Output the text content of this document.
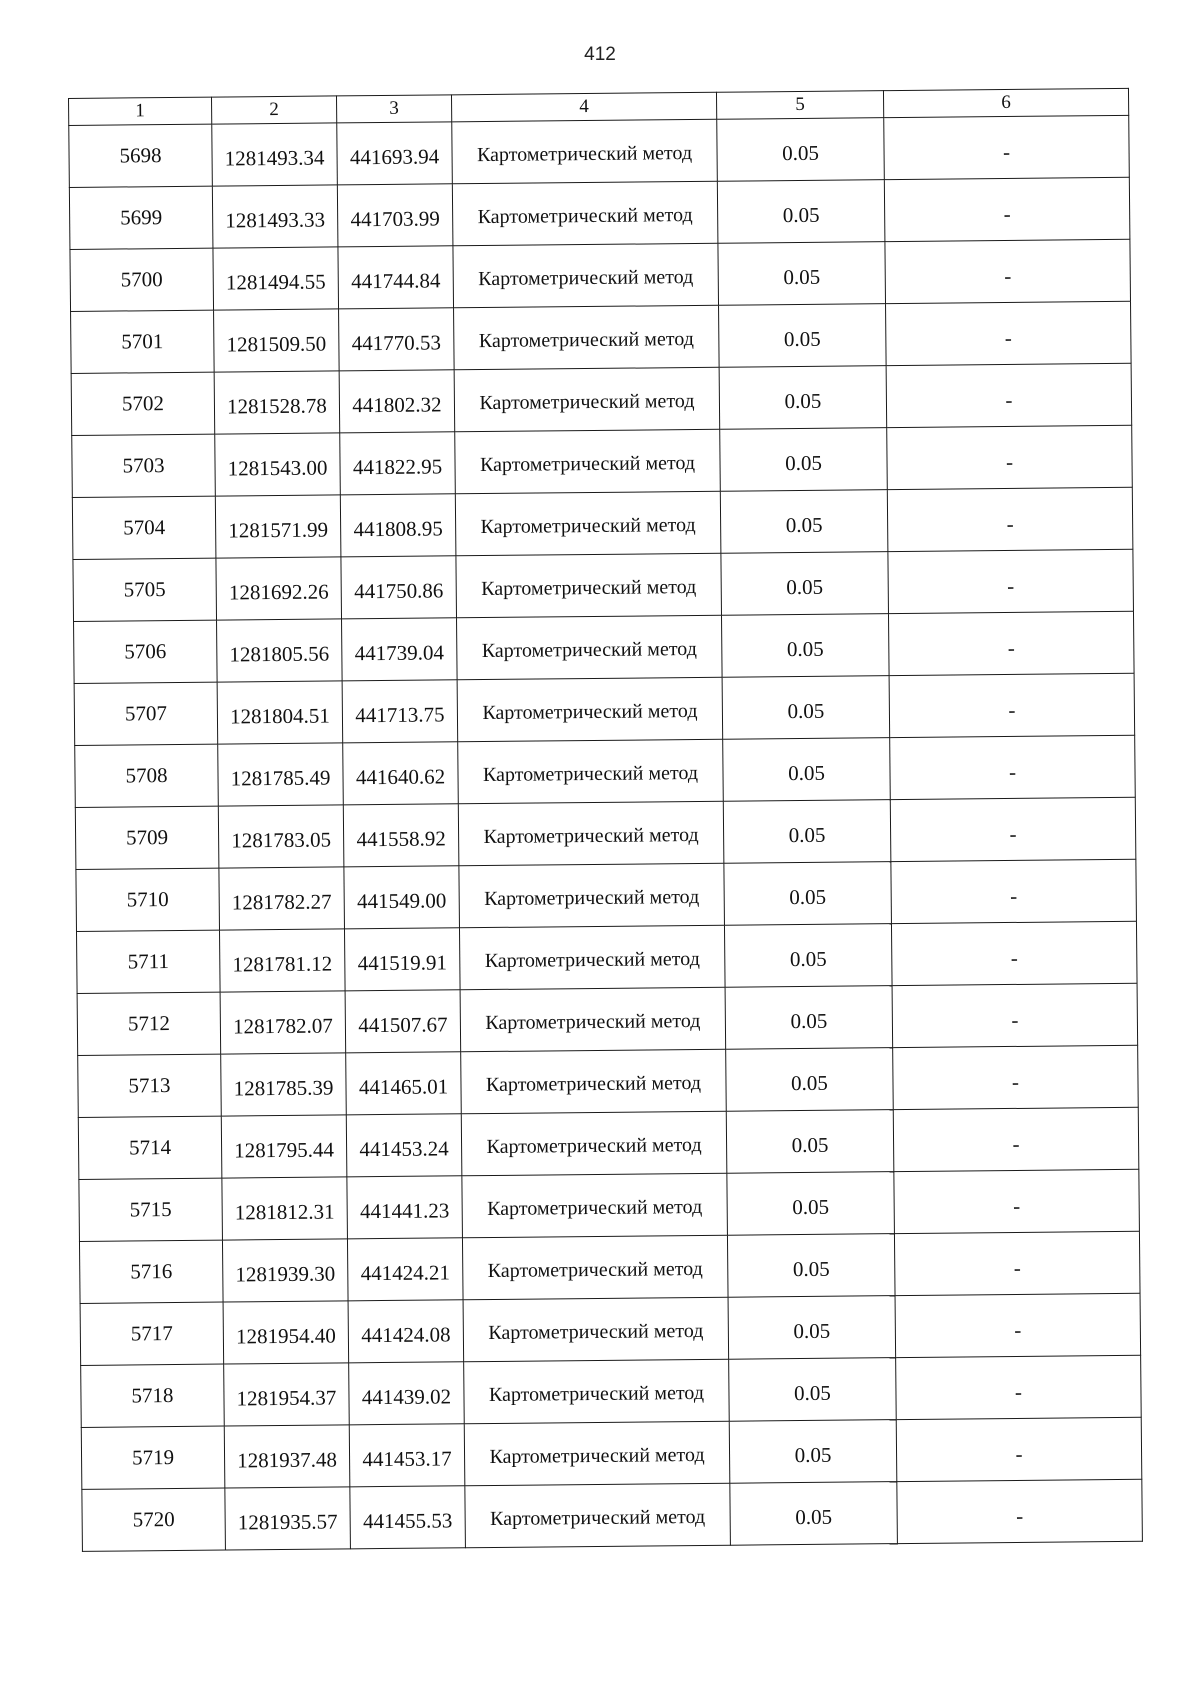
412
1	2	3	4	5	6
5698	1281493.34	441693.94	Картометрический метод	0.05	-
5699	1281493.33	441703.99	Картометрический метод	0.05	-
5700	1281494.55	441744.84	Картометрический метод	0.05	-
5701	1281509.50	441770.53	Картометрический метод	0.05	-
5702	1281528.78	441802.32	Картометрический метод	0.05	-
5703	1281543.00	441822.95	Картометрический метод	0.05	-
5704	1281571.99	441808.95	Картометрический метод	0.05	-
5705	1281692.26	441750.86	Картометрический метод	0.05	-
5706	1281805.56	441739.04	Картометрический метод	0.05	-
5707	1281804.51	441713.75	Картометрический метод	0.05	-
5708	1281785.49	441640.62	Картометрический метод	0.05	-
5709	1281783.05	441558.92	Картометрический метод	0.05	-
5710	1281782.27	441549.00	Картометрический метод	0.05	-
5711	1281781.12	441519.91	Картометрический метод	0.05	-
5712	1281782.07	441507.67	Картометрический метод	0.05	-
5713	1281785.39	441465.01	Картометрический метод	0.05	-
5714	1281795.44	441453.24	Картометрический метод	0.05	-
5715	1281812.31	441441.23	Картометрический метод	0.05	-
5716	1281939.30	441424.21	Картометрический метод	0.05	-
5717	1281954.40	441424.08	Картометрический метод	0.05	-
5718	1281954.37	441439.02	Картометрический метод	0.05	-
5719	1281937.48	441453.17	Картометрический метод	0.05	-
5720	1281935.57	441455.53	Картометрический метод	0.05	-
